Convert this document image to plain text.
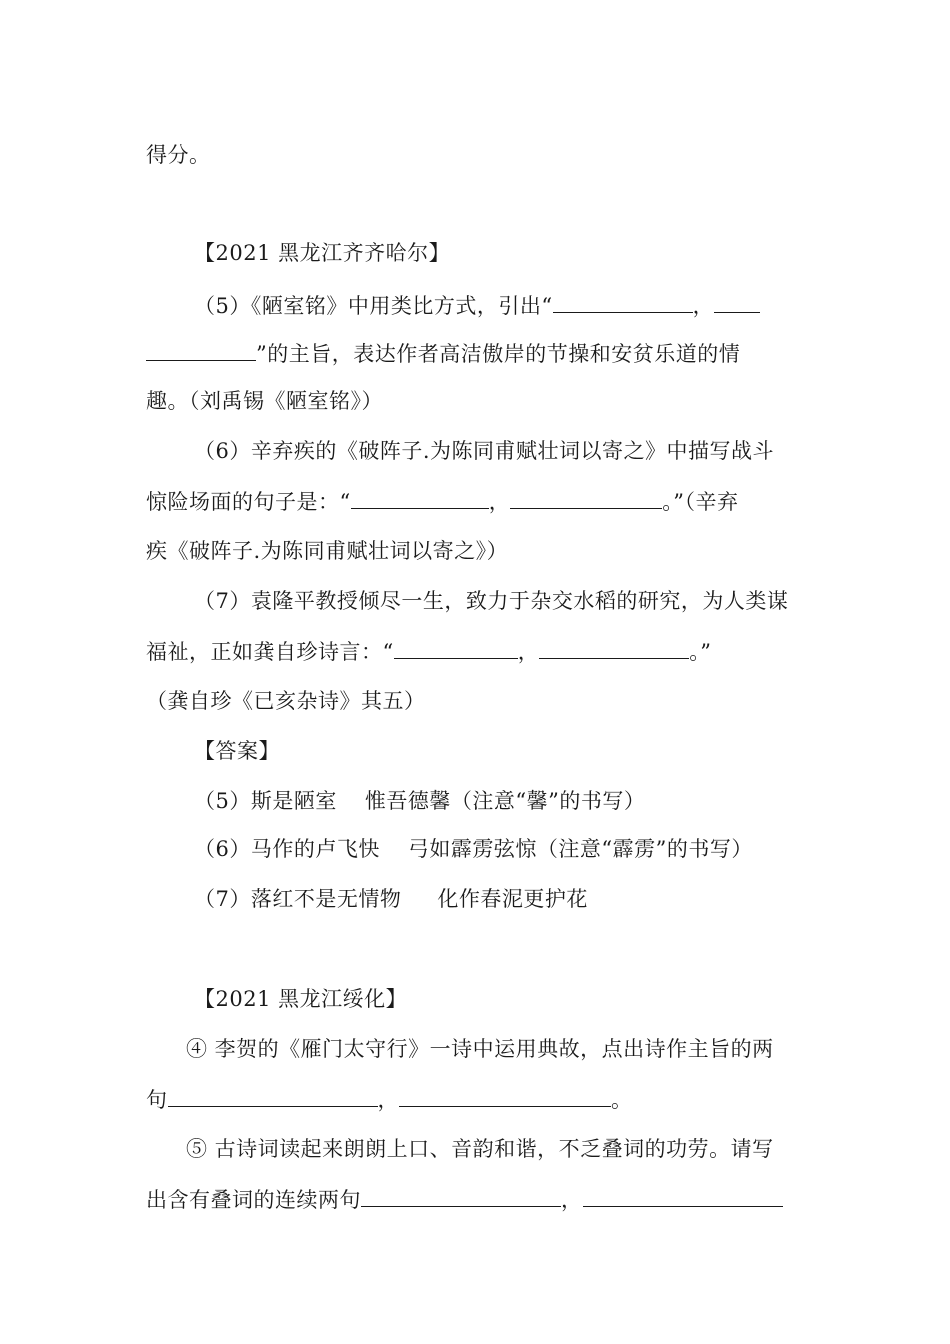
得分。
【2021 黑龙江齐齐哈尔】
（5）《陋室铭》中用类比方式，引出“	，
”的主旨，表达作者高洁傲岸的节操和安贫乐道的情
趣。（刘禹锡《陋室铭》）
（6）辛弃疾的《破阵子.为陈同甫赋壮词以寄之》中描写战斗
惊险场面的句子是：“	，	。”（辛弃
疾《破阵子.为陈同甫赋壮词以寄之》）
（7）袁隆平教授倾尽一生，致力于杂交水稻的研究，为人类谋
福祉，正如龚自珍诗言：“	，	。”
（龚自珍《已亥杂诗》其五）
【答案】
（5）斯是陋室 惟吾德馨（注意“馨”的书写）
（6）马作的卢飞快 弓如霹雳弦惊（注意“霹雳”的书写）
（7）落红不是无情物 化作春泥更护花
【2021 黑龙江绥化】
④ 李贺的《雁门太守行》一诗中运用典故，点出诗作主旨的两
句	，	。
⑤ 古诗词读起来朗朗上口、音韵和谐，不乏叠词的功劳。请写
出含有叠词的连续两句	，
